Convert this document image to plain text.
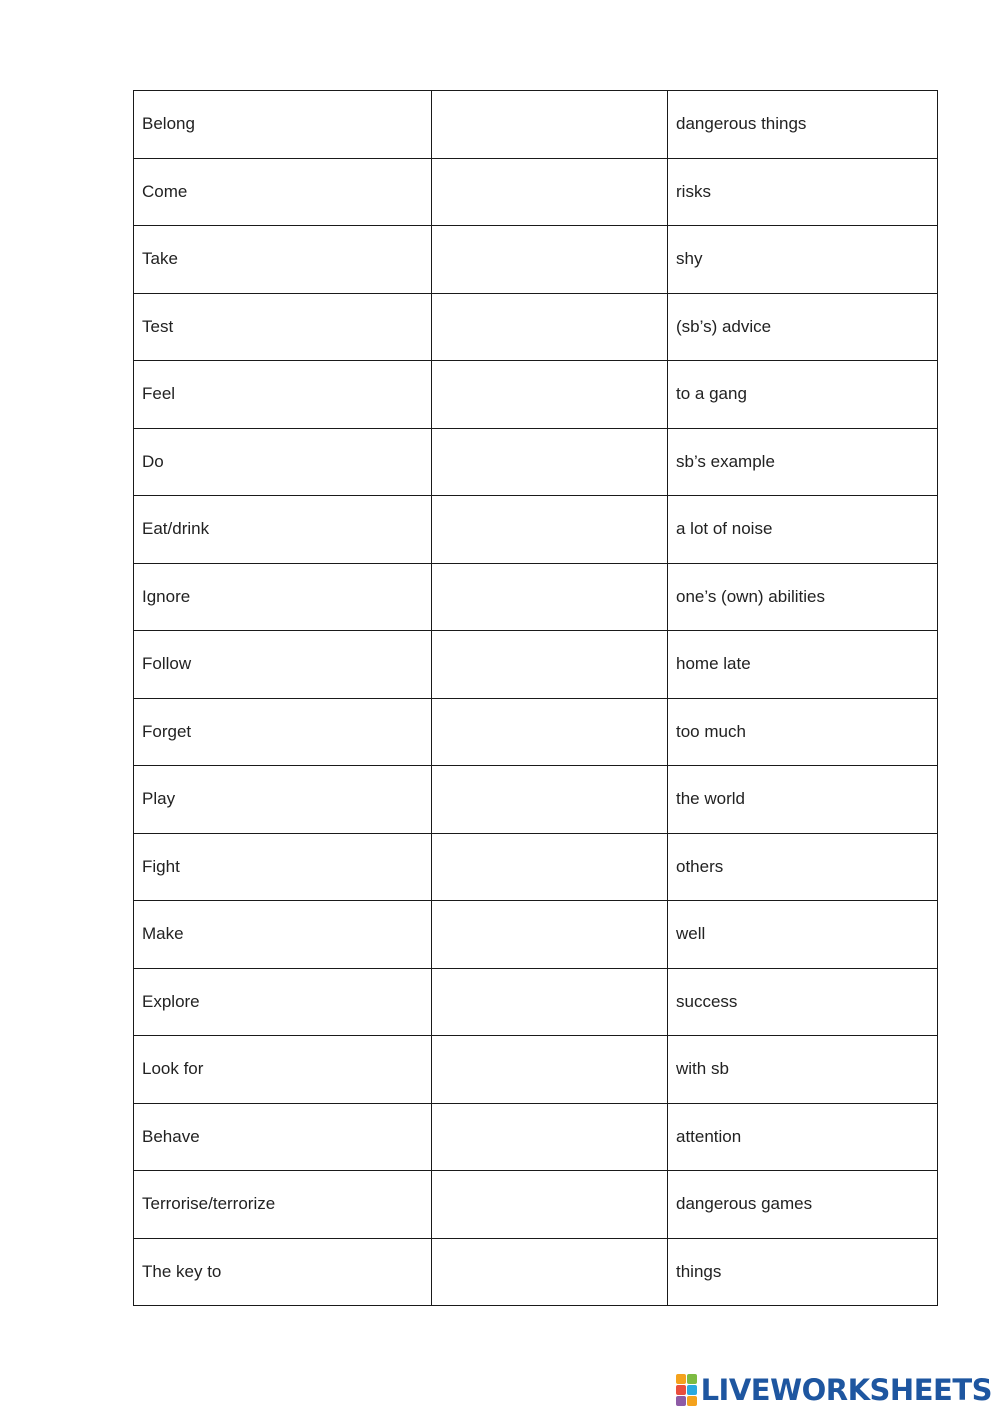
Belong		dangerous things
Come		risks
Take		shy
Test		(sb’s) advice
Feel		to a gang
Do		sb’s example
Eat/drink		a lot of noise
Ignore		one’s (own) abilities
Follow		home late
Forget		too much
Play		the world
Fight		others
Make		well
Explore		success
Look for		with sb
Behave		attention
Terrorise/terrorize		dangerous games
The key to		things
LIVEWORKSHEETS
